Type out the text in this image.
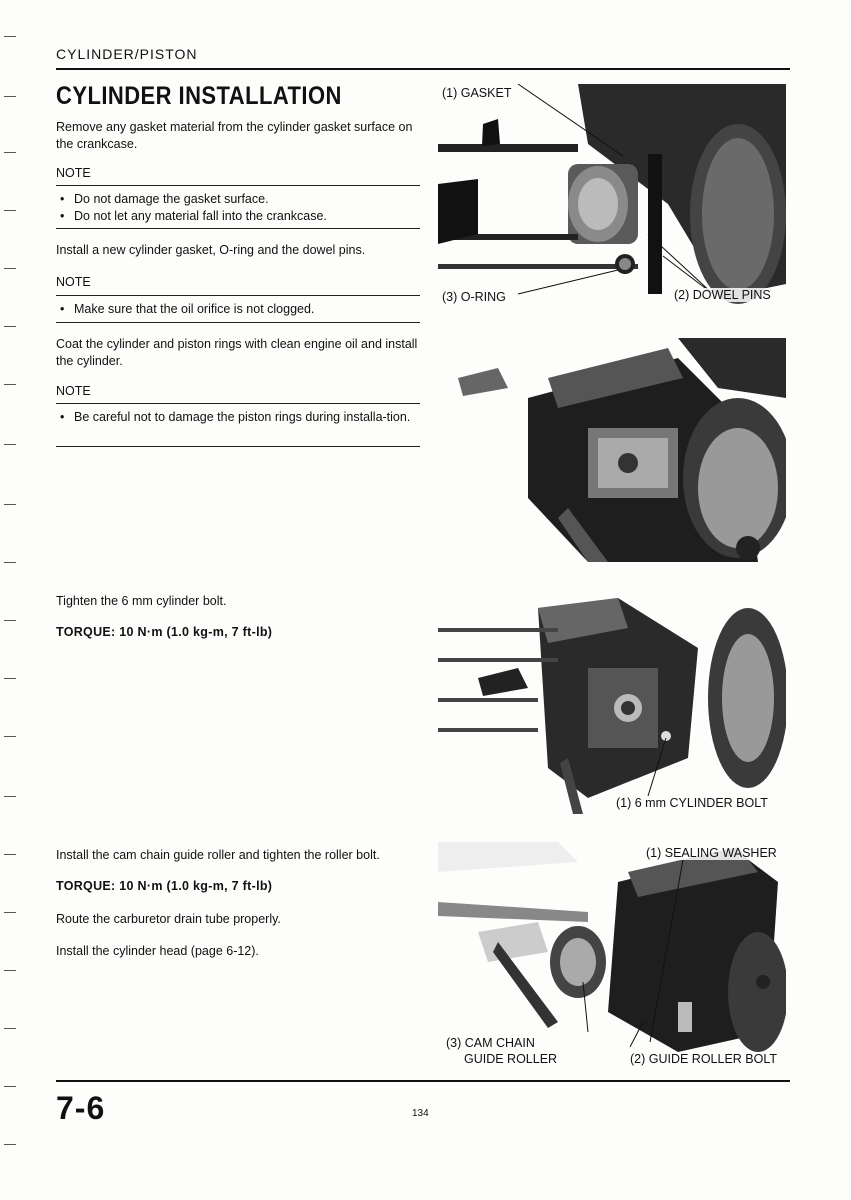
CYLINDER/PISTON
CYLINDER INSTALLATION
Remove any gasket material from the cylinder gasket surface on the crankcase.
NOTE
• Do not damage the gasket surface.
• Do not let any material fall into the crankcase.
Install a new cylinder gasket, O-ring and the dowel pins.
NOTE
• Make sure that the oil orifice is not clogged.
Coat the cylinder and piston rings with clean engine oil and install the cylinder.
NOTE
• Be careful not to damage the piston rings during installa-tion.
Tighten the 6 mm cylinder bolt.
TORQUE: 10 N·m (1.0 kg-m, 7 ft-lb)
Install the cam chain guide roller and tighten the roller bolt.
TORQUE: 10 N·m (1.0 kg-m, 7 ft-lb)
Route the carburetor drain tube properly.
Install the cylinder head (page 6-12).
(1) GASKET
(3) O-RING	(2) DOWEL PINS
(1) 6 mm CYLINDER BOLT
(1) SEALING WASHER
(3) CAM CHAIN
GUIDE ROLLER	(2) GUIDE ROLLER BOLT
7-6	134
